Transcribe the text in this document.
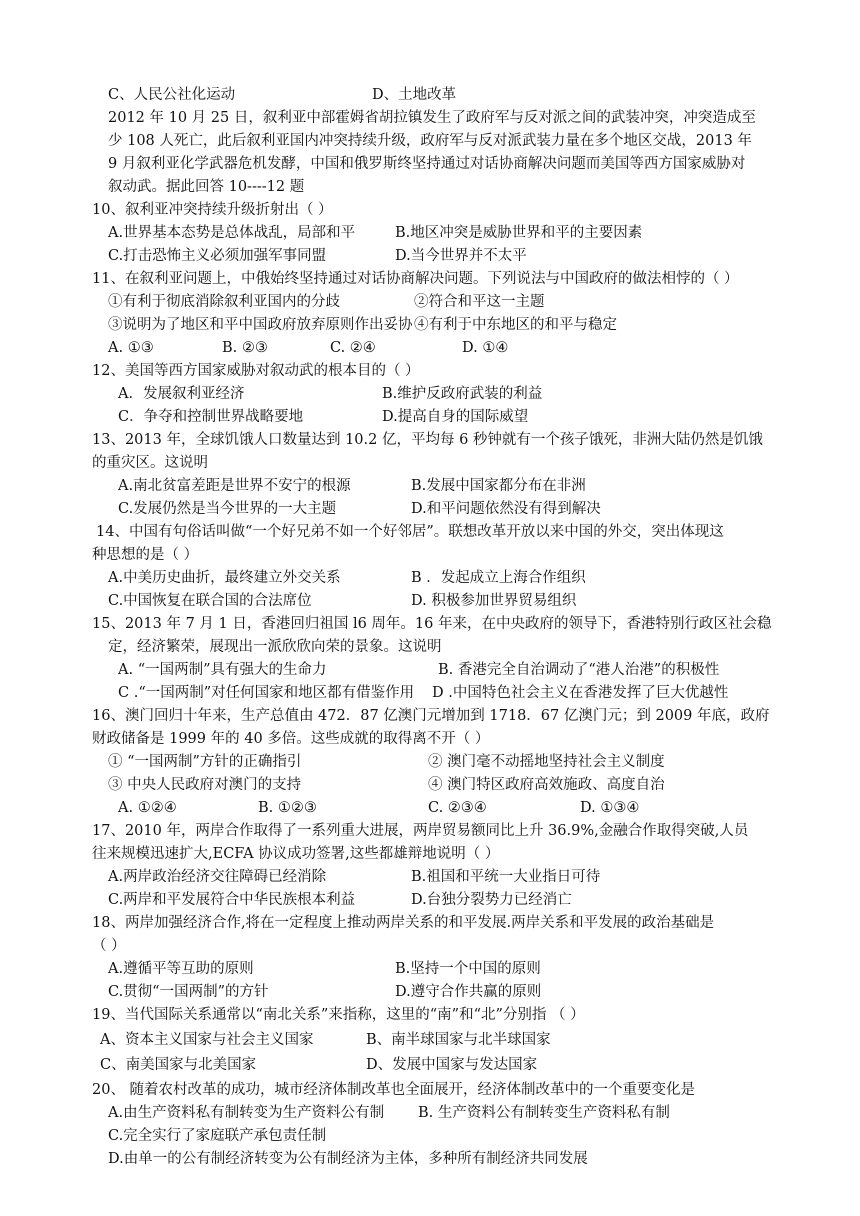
C、人民公社化运动	D、土地改革
2012 年 10 月 25 日，叙利亚中部霍姆省胡拉镇发生了政府军与反对派之间的武装冲突，冲突造成至
少 108 人死亡，此后叙利亚国内冲突持续升级，政府军与反对派武装力量在多个地区交战，2013 年
9 月叙利亚化学武器危机发酵，中国和俄罗斯终坚持通过对话协商解决问题而美国等西方国家威胁对
叙动武。据此回答 10----12 题
10、叙利亚冲突持续升级折射出（ ）
A.世界基本态势是总体战乱，局部和平	B.地区冲突是威胁世界和平的主要因素
C.打击恐怖主义必须加强军事同盟	D.当今世界并不太平
11、在叙利亚问题上，中俄始终坚持通过对话协商解决问题。下列说法与中国政府的做法相悖的（ ）
①有利于彻底消除叙利亚国内的分歧	②符合和平这一主题
③说明为了地区和平中国政府放弃原则作出妥协 ④有利于中东地区的和平与稳定
A. ①③	B. ②③	C. ②④	D. ①④
12、美国等西方国家威胁对叙动武的根本目的（ ）
A．发展叙利亚经济	B.维护反政府武装的利益
C．争夺和控制世界战略要地	D.提高自身的国际威望
13、2013 年，全球饥饿人口数量达到 10.2 亿，平均每 6 秒钟就有一个孩子饿死，非洲大陆仍然是饥饿
的重灾区。这说明
A.南北贫富差距是世界不安宁的根源	B.发展中国家都分布在非洲
C.发展仍然是当今世界的一大主题	D.和平问题依然没有得到解决
14、中国有句俗话叫做“一个好兄弟不如一个好邻居”。联想改革开放以来中国的外交，突出体现这
种思想的是（ ）
A.中美历史曲折，最终建立外交关系	B ．发起成立上海合作组织
C.中国恢复在联合国的合法席位	D. 积极参加世界贸易组织
15、2013 年 7 月 1 日，香港回归祖国 l6 周年。16 年来，在中央政府的领导下，香港特别行政区社会稳
定，经济繁荣，展现出一派欣欣向荣的景象。这说明
A. “一国两制”具有强大的生命力	B. 香港完全自治调动了“港人治港”的积极性
C .“一国两制”对任何国家和地区都有借鉴作用 D .中国特色社会主义在香港发挥了巨大优越性
16、澳门回归十年来，生产总值由 472．87 亿澳门元增加到 1718．67 亿澳门元；到 2009 年底，政府
财政储备是 1999 年的 40 多倍。这些成就的取得离不开（ ）
① “一国两制”方针的正确指引	② 澳门毫不动摇地坚持社会主义制度
③ 中央人民政府对澳门的支持	④ 澳门特区政府高效施政、高度自治
A. ①②④	B. ①②③	C. ②③④	D. ①③④
17、2010 年，两岸合作取得了一系列重大进展，两岸贸易额同比上升 36.9%,金融合作取得突破,人员
往来规模迅速扩大,ECFA 协议成功签署,这些都雄辩地说明（ ）
A.两岸政治经济交往障碍已经消除	B.祖国和平统一大业指日可待
C.两岸和平发展符合中华民族根本利益	D.台独分裂势力已经消亡
18、两岸加强经济合作,将在一定程度上推动两岸关系的和平发展.两岸关系和平发展的政治基础是
（ ）
A.遵循平等互助的原则	B.坚持一个中国的原则
C.贯彻“一国两制”的方针	D.遵守合作共赢的原则
19、当代国际关系通常以“南北关系”来指称，这里的“南”和“北”分别指 （ ）
A、资本主义国家与社会主义国家	B、南半球国家与北半球国家
C、南美国家与北美国家	D、发展中国家与发达国家
20、 随着农村改革的成功，城市经济体制改革也全面展开，经济体制改革中的一个重要变化是
A.由生产资料私有制转变为生产资料公有制 B. 生产资料公有制转变生产资料私有制
C.完全实行了家庭联产承包责任制
D.由单一的公有制经济转变为公有制经济为主体，多种所有制经济共同发展
